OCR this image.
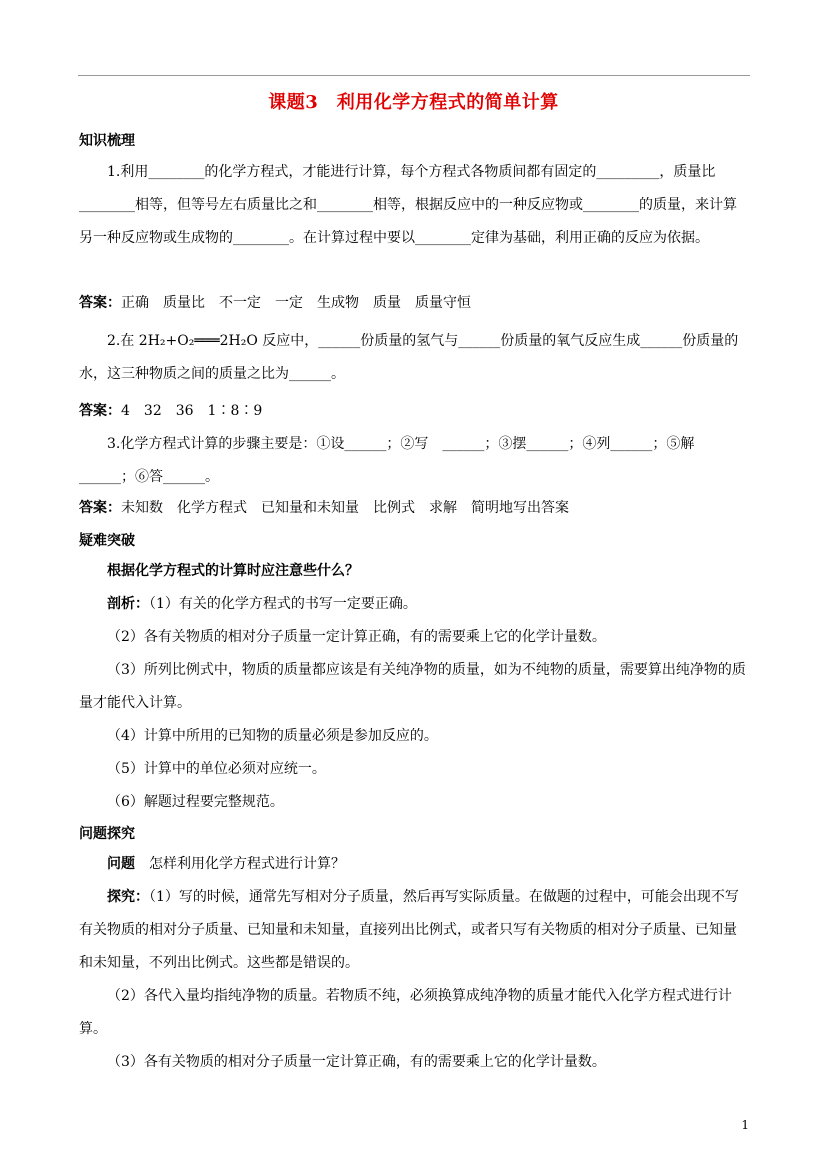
课题3　利用化学方程式的简单计算
知识梳理
1.利用________的化学方程式，才能进行计算，每个方程式各物质间都有固定的_________，质量比________相等，但等号左右质量比之和________相等，根据反应中的一种反应物或________的质量，来计算另一种反应物或生成物的________。在计算过程中要以________定律为基础，利用正确的反应为依据。
答案：正确　质量比　不一定　一定　生成物　质量　质量守恒
2.在 2H₂+O₂═══2H₂O 反应中，______份质量的氢气与______份质量的氧气反应生成______份质量的水，这三种物质之间的质量之比为______。
答案：4　32　36　1∶8∶9
3.化学方程式计算的步骤主要是：①设______；②写　______；③摆______；④列______；⑤解______；⑥答______。
答案：未知数　化学方程式　已知量和未知量　比例式　求解　简明地写出答案
疑难突破
根据化学方程式的计算时应注意些什么？
剖析：（1）有关的化学方程式的书写一定要正确。
（2）各有关物质的相对分子质量一定计算正确，有的需要乘上它的化学计量数。
（3）所列比例式中，物质的质量都应该是有关纯净物的质量，如为不纯物的质量，需要算出纯净物的质量才能代入计算。
（4）计算中所用的已知物的质量必须是参加反应的。
（5）计算中的单位必须对应统一。
（6）解题过程要完整规范。
问题探究
问题　怎样利用化学方程式进行计算？
探究：（1）写的时候，通常先写相对分子质量，然后再写实际质量。在做题的过程中，可能会出现不写有关物质的相对分子质量、已知量和未知量，直接列出比例式，或者只写有关物质的相对分子质量、已知量和未知量，不列出比例式。这些都是错误的。
（2）各代入量均指纯净物的质量。若物质不纯，必须换算成纯净物的质量才能代入化学方程式进行计算。
（3）各有关物质的相对分子质量一定计算正确，有的需要乘上它的化学计量数。
1
